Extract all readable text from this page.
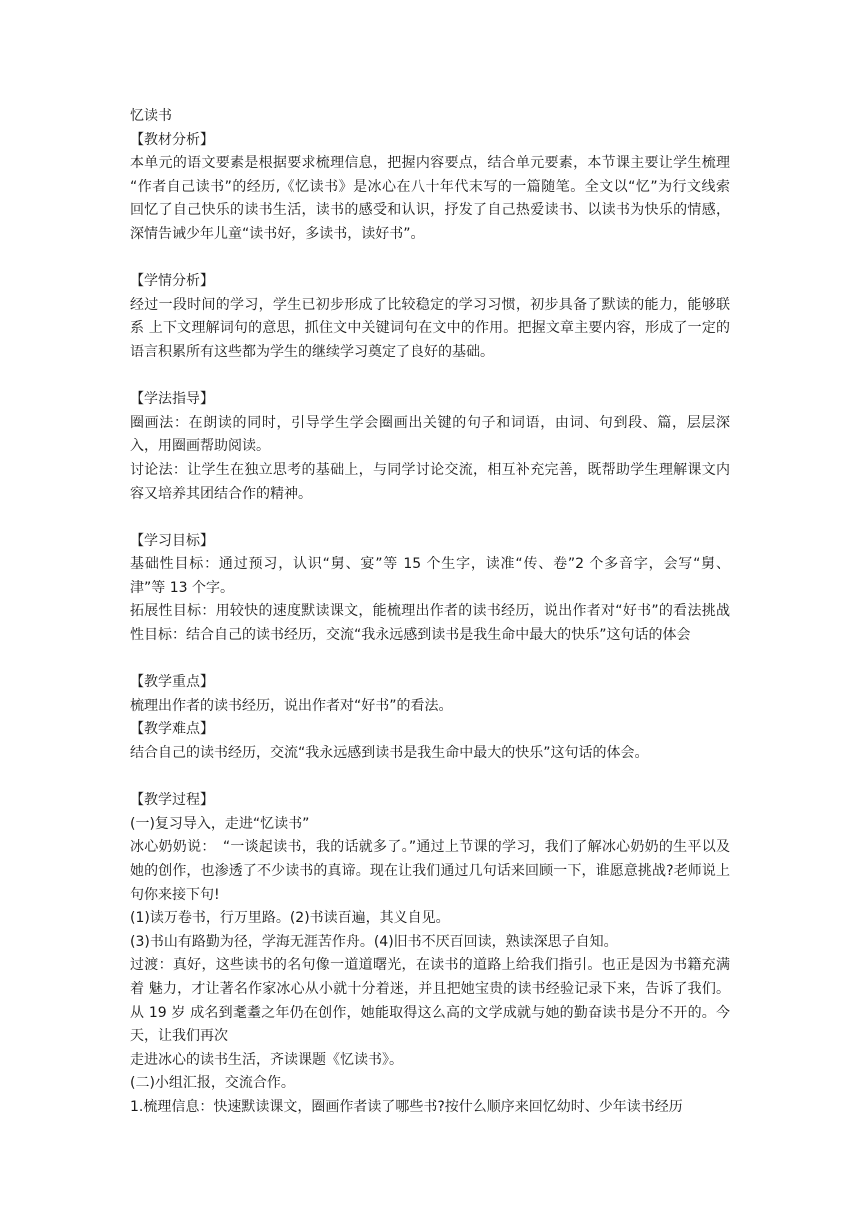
忆读书

【教材分析】

本单元的语文要素是根据要求梳理信息，把握内容要点，结合单元要素，本节课主要让学生梳理 “作者自己读书”的经历,《忆读书》是冰心在八十年代末写的一篇随笔。全文以“忆”为行文线索　回忆了自己快乐的读书生活，读书的感受和认识，抒发了自己热爱读书、以读书为快乐的情感，深情告诫少年儿童“读书好，多读书，读好书”。

【学情分析】

经过一段时间的学习，学生已初步形成了比较稳定的学习习惯，初步具备了默读的能力，能够联系 上下文理解词句的意思，抓住文中关键词句在文中的作用。把握文章主要内容，形成了一定的语言积累所有这些都为学生的继续学习奠定了良好的基础。

【学法指导】

圈画法：在朗读的同时，引导学生学会圈画出关键的句子和词语，由词、句到段、篇，层层深入，用圈画帮助阅读。

讨论法：让学生在独立思考的基础上，与同学讨论交流，相互补充完善，既帮助学生理解课文内容又培养其团结合作的精神。

【学习目标】

基础性目标：通过预习，认识“舅、宴”等 15 个生字，读准“传、卷”2 个多音字，会写“舅、津”等 13 个字。

拓展性目标：用较快的速度默读课文，能梳理出作者的读书经历，说出作者对“好书”的看法挑战性目标：结合自己的读书经历，交流“我永远感到读书是我生命中最大的快乐”这句话的体会

【教学重点】

梳理出作者的读书经历，说出作者对“好书”的看法。

【教学难点】

结合自己的读书经历，交流“我永远感到读书是我生命中最大的快乐”这句话的体会。

【教学过程】

(一)复习导入，走进“忆读书”

冰心奶奶说：　“一谈起读书，我的话就多了。”通过上节课的学习，我们了解冰心奶奶的生平以及 她的创作，也渗透了不少读书的真谛。现在让我们通过几句话来回顾一下，谁愿意挑战?老师说上句你来接下句!

(1)读万卷书，行万里路。(2)书读百遍，其义自见。

(3)书山有路勤为径，学海无涯苦作舟。(4)旧书不厌百回读，熟读深思子自知。

过渡：真好，这些读书的名句像一道道曙光，在读书的道路上给我们指引。也正是因为书籍充满着 魅力，才让著名作家冰心从小就十分着迷，并且把她宝贵的读书经验记录下来，告诉了我们。从 19 岁 成名到耄耋之年仍在创作，她能取得这么高的文学成就与她的勤奋读书是分不开的。今天，让我们再次

走进冰心的读书生活，齐读课题《忆读书》。

(二)小组汇报，交流合作。

1.梳理信息：快速默读课文，圈画作者读了哪些书?按什么顺序来回忆幼时、少年读书经历
